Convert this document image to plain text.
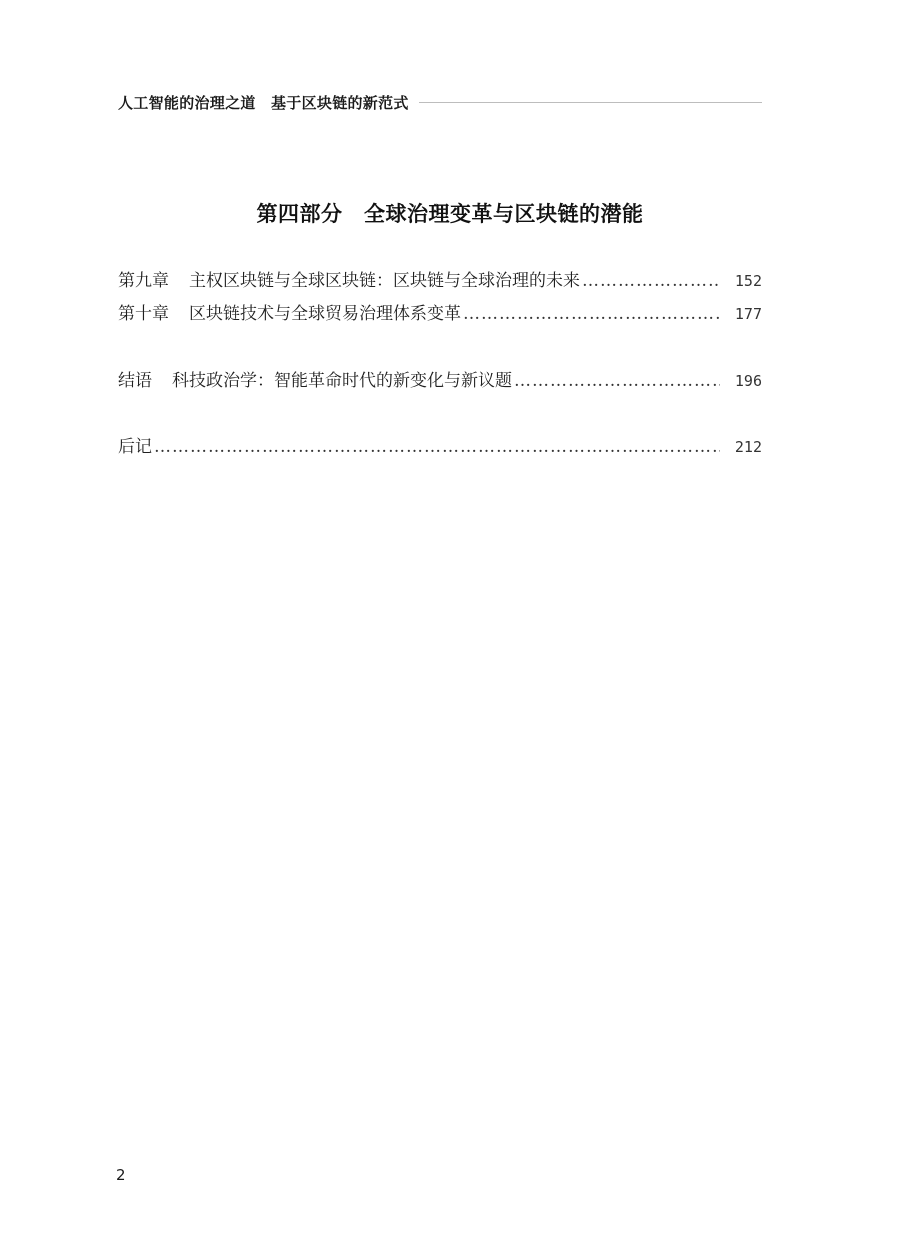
人工智能的治理之道　基于区块链的新范式
第四部分　全球治理变革与区块链的潜能
第九章 主权区块链与全球区块链：区块链与全球治理的未来 ……………………………………………………………………………………………………………………………………………………………………	152
第十章 区块链技术与全球贸易治理体系变革 ……………………………………………………………………………………………………………………………………………………………………	177
结语 科技政治学：智能革命时代的新变化与新议题 ……………………………………………………………………………………………………………………………………………………………………	196
后记 ……………………………………………………………………………………………………………………………………………………………………	212
2
